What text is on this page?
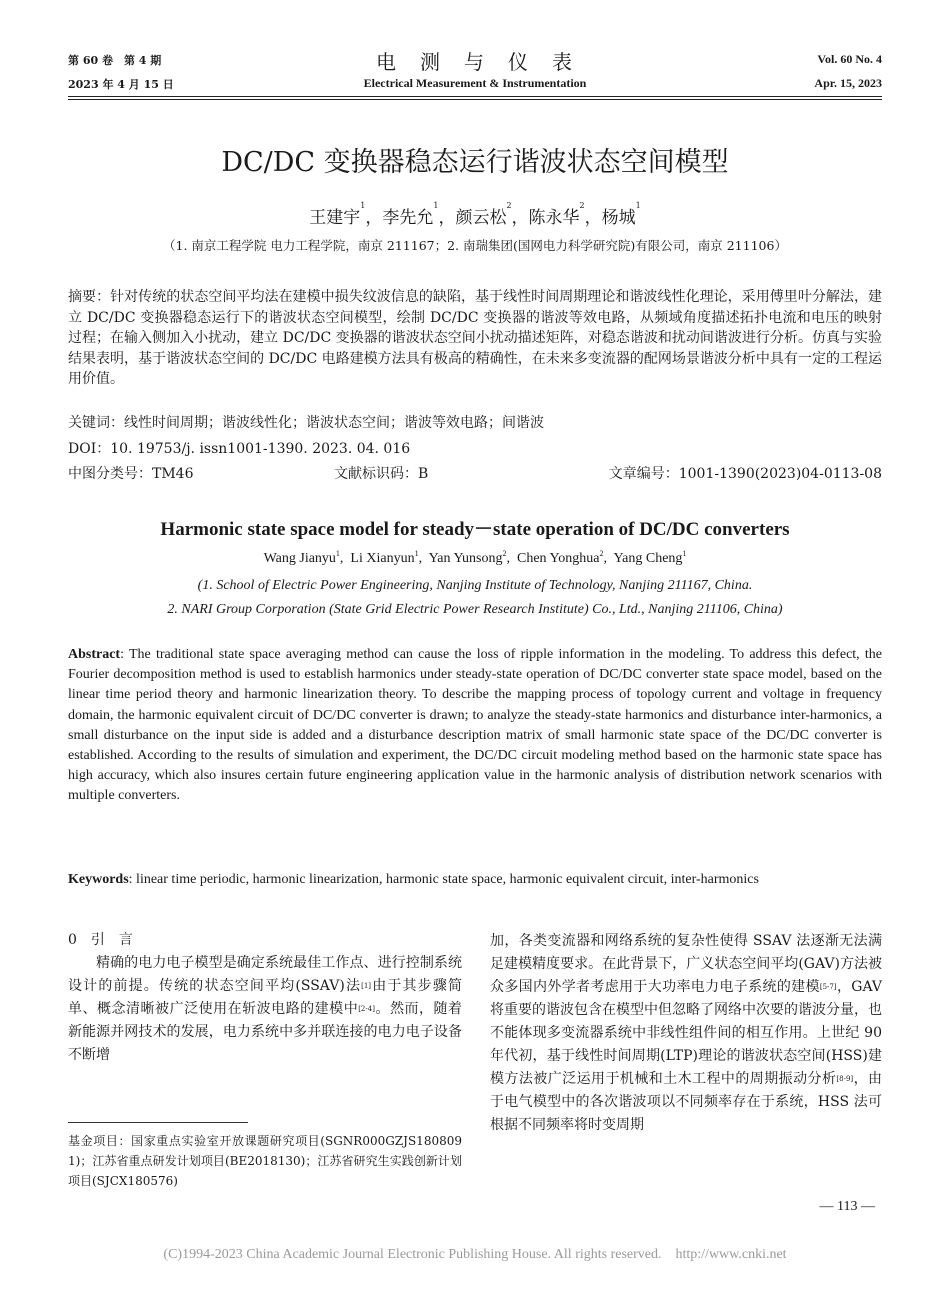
第 60 卷　第 4 期
2023 年 4 月 15 日
电　测　与　仪　表
Electrical Measurement & Instrumentation
Vol. 60 No. 4
Apr. 15, 2023
DC/DC 变换器稳态运行谐波状态空间模型
王建宇$^1$，李先允$^1$，颜云松$^2$，陈永华$^2$，杨城$^1$
（1. 南京工程学院 电力工程学院，南京 211167；2. 南瑞集团(国网电力科学研究院)有限公司，南京 211106）
摘要：针对传统的状态空间平均法在建模中损失纹波信息的缺陷，基于线性时间周期理论和谐波线性化理论，采用傅里叶分解法，建立 DC/DC 变换器稳态运行下的谐波状态空间模型，绘制 DC/DC 变换器的谐波等效电路，从频域角度描述拓扑电流和电压的映射过程；在输入侧加入小扰动，建立 DC/DC 变换器的谐波状态空间小扰动描述矩阵，对稳态谐波和扰动间谐波进行分析。仿真与实验结果表明，基于谐波状态空间的 DC/DC 电路建模方法具有极高的精确性，在未来多变流器的配网场景谐波分析中具有一定的工程运用价值。
关键词：线性时间周期；谐波线性化；谐波状态空间；谐波等效电路；间谐波
DOI：10. 19753/j. issn1001-1390. 2023. 04. 016
中图分类号：TM46	文献标识码：B	文章编号：1001-1390(2023)04-0113-08
Harmonic state space model for steady－state operation of DC/DC converters
Wang Jianyu$^1$,  Li Xianyun$^1$,  Yan Yunsong$^2$,  Chen Yonghua$^2$,  Yang Cheng$^1$
(1. School of Electric Power Engineering, Nanjing Institute of Technology, Nanjing 211167, China.
2. NARI Group Corporation (State Grid Electric Power Research Institute) Co., Ltd., Nanjing 211106, China)
Abstract: The traditional state space averaging method can cause the loss of ripple information in the modeling. To address this defect, the Fourier decomposition method is used to establish harmonics under steady-state operation of DC/DC converter state space model, based on the linear time period theory and harmonic linearization theory. To describe the mapping process of topology current and voltage in frequency domain, the harmonic equivalent circuit of DC/DC converter is drawn; to analyze the steady-state harmonics and disturbance inter-harmonics, a small disturbance on the input side is added and a disturbance description matrix of small harmonic state space of the DC/DC converter is established. According to the results of simulation and experiment, the DC/DC circuit modeling method based on the harmonic state space has high accuracy, which also insures certain future engineering application value in the harmonic analysis of distribution network scenarios with multiple converters.
Keywords: linear time periodic, harmonic linearization, harmonic state space, harmonic equivalent circuit, inter-harmonics
0　引　言

精确的电力电子模型是确定系统最佳工作点、进行控制系统设计的前提。传统的状态空间平均(SSAV)法[1]由于其步骤简单、概念清晰被广泛使用在斩波电路的建模中[2-4]。然而，随着新能源并网技术的发展，电力系统中多并联连接的电力电子设备不断增

基金项目：国家重点实验室开放课题研究项目(SGNR000GZJS1808091)；江苏省重点研发计划项目(BE2018130)；江苏省研究生实践创新计划项目(SJCX180576)

加，各类变流器和网络系统的复杂性使得 SSAV 法逐渐无法满足建模精度要求。在此背景下，广义状态空间平均(GAV)方法被众多国内外学者考虑用于大功率电力电子系统的建模[5-7]，GAV 将重要的谐波包含在模型中但忽略了网络中次要的谐波分量，也不能体现多变流器系统中非线性组件间的相互作用。上世纪 90 年代初，基于线性时间周期(LTP)理论的谐波状态空间(HSS)建模方法被广泛运用于机械和土木工程中的周期振动分析[8-9]，由于电气模型中的各次谐波项以不同频率存在于系统，HSS 法可根据不同频率将时变周期

— 113 —
(C)1994-2023 China Academic Journal Electronic Publishing House. All rights reserved.　http://www.cnki.net
